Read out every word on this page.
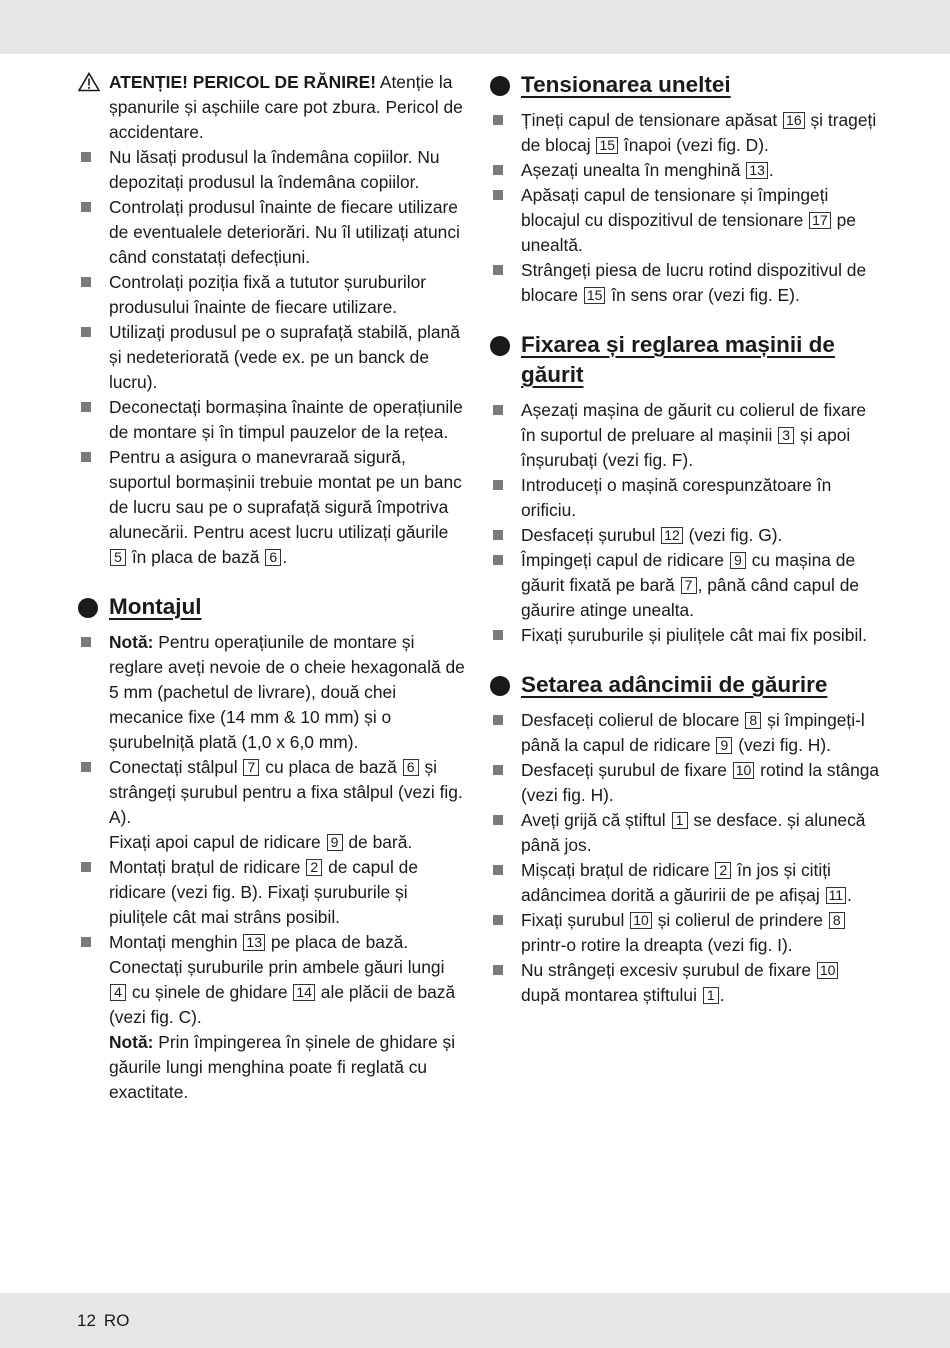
ATENȚIE! PERICOL DE RĂNIRE! Atenție la șpanurile și așchiile care pot zbura. Pericol de accidentare.

Nu lăsați produsul la îndemâna copiilor. Nu depozitați produsul la îndemâna copiilor.

Controlați produsul înainte de fiecare utilizare de eventualele deteriorări. Nu îl utilizați atunci când constatați defecțiuni.

Controlați poziția fixă a tututor șuruburilor produsului înainte de fiecare utilizare.

Utilizați produsul pe o suprafață stabilă, plană și nedeteriorată (vede ex. pe un banck de lucru).

Deconectați bormașina înainte de operațiunile de montare și în timpul pauzelor de la rețea.

Pentru a asigura o manevraraă sigură, suportul bormașinii trebuie montat pe un banc de lucru sau pe o suprafață sigură împotriva alunecării. Pentru acest lucru utilizați găurile 5 în placa de bază 6 .

Montajul

Notă: Pentru operațiunile de montare și reglare aveți nevoie de o cheie hexagonală de 5 mm (pachetul de livrare), două chei mecanice fixe (14 mm & 10 mm) și o șurubelniță plată (1,0 x 6,0 mm).

Conectați stâlpul 7 cu placa de bază 6 și strângeți șurubul pentru a fixa stâlpul (vezi fig. A).

Fixați apoi capul de ridicare 9 de bară.

Montați brațul de ridicare 2 de capul de ridicare (vezi fig. B). Fixați șuruburile și piulițele cât mai strâns posibil.

Montați menghin 13 pe placa de bază. Conectați șuruburile prin ambele găuri lungi 4 cu șinele de ghidare 14 ale plăcii de bază (vezi fig. C).

Notă: Prin împingerea în șinele de ghidare și găurile lungi menghina poate fi reglată cu exactitate.

Tensionarea uneltei

Țineți capul de tensionare apăsat 16 și trageți de blocaj 15 înapoi (vezi fig. D).

Așezați unealta în menghină 13 .

Apăsați capul de tensionare și împingeți blocajul cu dispozitivul de tensionare 17 pe unealtă.

Strângeți piesa de lucru rotind dispozitivul de blocare 15 în sens orar (vezi fig. E).

Fixarea și reglarea mașinii de găurit

Așezați mașina de găurit cu colierul de fixare în suportul de preluare al mașinii 3 și apoi înșurubați (vezi fig. F).

Introduceți o mașină corespunzătoare în orificiu.

Desfaceți șurubul 12 (vezi fig. G).

Împingeți capul de ridicare 9 cu mașina de găurit fixată pe bară 7 , până când capul de găurire atinge unealta.

Fixați șuruburile și piulițele cât mai fix posibil.

Setarea adâncimii de găurire

Desfaceți colierul de blocare 8 și împingeți-l până la capul de ridicare 9 (vezi fig. H).

Desfaceți șurubul de fixare 10 rotind la stânga (vezi fig. H).

Aveți grijă că știftul 1 se desface. și alunecă până jos.

Mișcați brațul de ridicare 2 în jos și citiți adâncimea dorită a găuririi de pe afișaj 11 .

Fixați șurubul 10 și colierul de prindere 8 printr-o rotire la dreapta (vezi fig. I).

Nu strângeți excesiv șurubul de fixare 10 după montarea știftului 1 .

12 RO
